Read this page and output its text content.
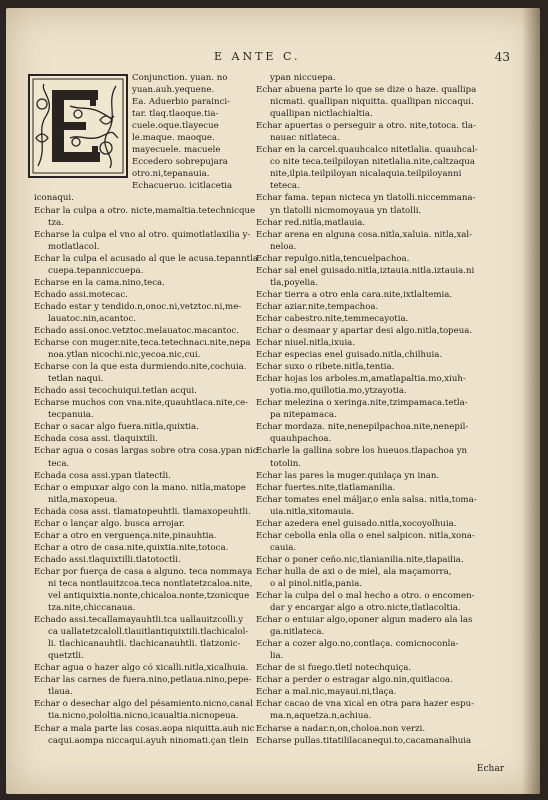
E ANTE C.	43
E
Conjunction. yuan. no
yuan.auh.yequene.
Ea. Aduerbio parainci-
tar. tlaq.tlaoque.tia-
cuele.oque.tlayecue
le.maque. maoque.
mayecuele. macuele
Eccedero sobrepujara
otro.ni,tepanauia.
Echacueruo. icitlacetia
iconaqui.
Echar la culpa a otro. nicte,mamaltia.tetechnicque
tza.
Echarse la culpa el vno al otro. quimotlatlaxilia y-
motlatlacol.
Echar la culpa el acusado al que le acusa.tepanntla
cuepa.tepanniccuepa.
Echarse en la cama.nino,teca.
Echado assi.motecac.
Echado estar y tendido.n,onoc.ni,vetztoc.ni,me-
lauatoc.nin,acantoc.
Echado assi.onoc.vetztoc.melauatoc.macantoc.
Echarse con muger.nite,teca.tetechnacı.nite,nepa
noa.ytlan nicochi.nic,yecoa.nic,cui.
Echarse con la que esta durmiendo.nite,cochuia.
tetlan naqui.
Echado assi tecochuiqui.tetlan acqui.
Echarse muchos con vna.nite,quauhtlaca.nite,ce-
tecpanuia.
Echar o sacar algo fuera.nitla,quixtia.
Echada cosa assi. tlaquixtili.
Echar agua o cosas largas sobre otra cosa.ypan nic
teca.
Echada cosa assi.ypan tlatectli.
Echar o empuxar algo con la mano. nitla,matope
nitla,maxopeua.
Echada cosa assi. tlamatopeuhtli. tlamaxopeuhtli.
Echar o lançar algo. busca arrojar.
Echar a otro en verguença.nite,pinauhtia.
Echar a otro de casa.nite,quixtia.nite,totoca.
Echado assi.tlaquixtilli.tlatotoctli.
Echar por fuerça de casa a alguno. teca nommaya
ni teca nontlauitzcoa.teca nontlatetzcaloa.nite,
vel antiquixtia.nonte,chicaloa.nonte,tzonicque
tza.nite,chiccanaua.
Echado assi.tecallamayauhtli.tca uallauitzcolli.y
ca uallatetzcaloll.tlauitlantiquixtili.tlachicalol-
li. tlachicanauhtli. tlachicanauhtli. tlatzonic-
quetztli.
Echar agua o hazer algo có xicalli.nitla,xicalhuia.
Echar las carnes de fuera.nino,petlaua.nino,pepe-
tlaua.
Echar o desechar algo del pésamiento.nicno,canal
tia.nicno,pololtia.nicno,icaualtia.nicnopeua.
Echar a mala parte las cosas.aopa niquitta.auh nic
caqui.aompa niccaqui.ayuh ninomati.çan tlein
ypan niccuepa.
Echar abuena parte lo que se dize o haze. quallipa
nicmati. quallipan niquitta. quallipan niccaqui.
quallipan nictlachialtia.
Echar apuertas o perseguir a otro. nite,totoca. tla-
nauac nitlateca.
Echar en la carcel.quauhcalco nitetlalia. quauhcal-
co nite teca.teilpiloyan nitetlalia.nite,caltzaqua
nite,ilpia.teilpiloyan nicalaquia.teilpiloyanni
teteca.
Echar fama. tepan nicteca yn tlatolli.niccemmana-
yn tlatolli nicmomoyaua yn tlatolli.
Echar red.nitla,matlauia.
Echar arena en alguna cosa.nitla,xaluia. nitla,xal-
neloa.
Echar repulgo.nitla,tencuelpachoa.
Echar sal enel guisado.nitla,iztauia.nitla.iztauia.ni
tla,poyelia.
Echar tierra a otro enla cara.nite,ixtlaltemia.
Echar aziar.nite,tempachoa.
Echar cabestro.nite,temmecayotia.
Echar o desmaar y apartar desi algo.nitla,topeua.
Echar niuel.nitla,ixuia.
Echar especias enel guisado.nitla,chilhuia.
Echar suxo o ribete.nitla,tentia.
Echar hojas los arboles.m,amatlapaltia.mo,xiuh-
yotia.mo,quillotia.mo,ytzayotia.
Echar melezina o xeringa.nite,tzimpamaca.tetla-
pa nitepamaca.
Echar mordaza. nite,nenepilpachoa.nite,nenepil-
quauhpachoa.
Echarle la gallina sobre los hueuos.tlapachoa yn
totolin.
Echar las pares la muger.quiılaça yn inan.
Echar fuertes.nite,tlatlamanilia.
Echar tomates enel máljar,o enla salsa. nitla,toma-
uia.nitla,xitomauia.
Echar azedera enel guisado.nitla,xocoyolhuia.
Echar cebolla enla olla o enel salpicon. nitla,xona-
cauia.
Echar o poner ceño.nic,tlanianilia.nite,tlapailia.
Echar hulla de axi o de miel, ala maçamorra,
o al pinol.nitla,pania.
Echar la culpa del o mal hecho a otro. o encomen-
dar y encargar algo a otro.nicte,tlatlacoltia.
Echar o entuiar algo,oponer algun madero ala las
ga.nitlateca.
Echar a cozer algo.no,contlaça. comicnoconla-
lia.
Echar de si fuego.tletl notechquiça.
Echar a perder o estragar algo.nin,quitlacoa.
Echar a mal.nic,mayaui.ni,tlaça.
Echar cacao de vna xical en otra para hazer espu-
ma.n,aquetza.n,achiua.
Echarse a nadar.n,on,choloa.non verzi.
Echarse pullas.titatililacanequi.to,cacamanalhuia
Echar
